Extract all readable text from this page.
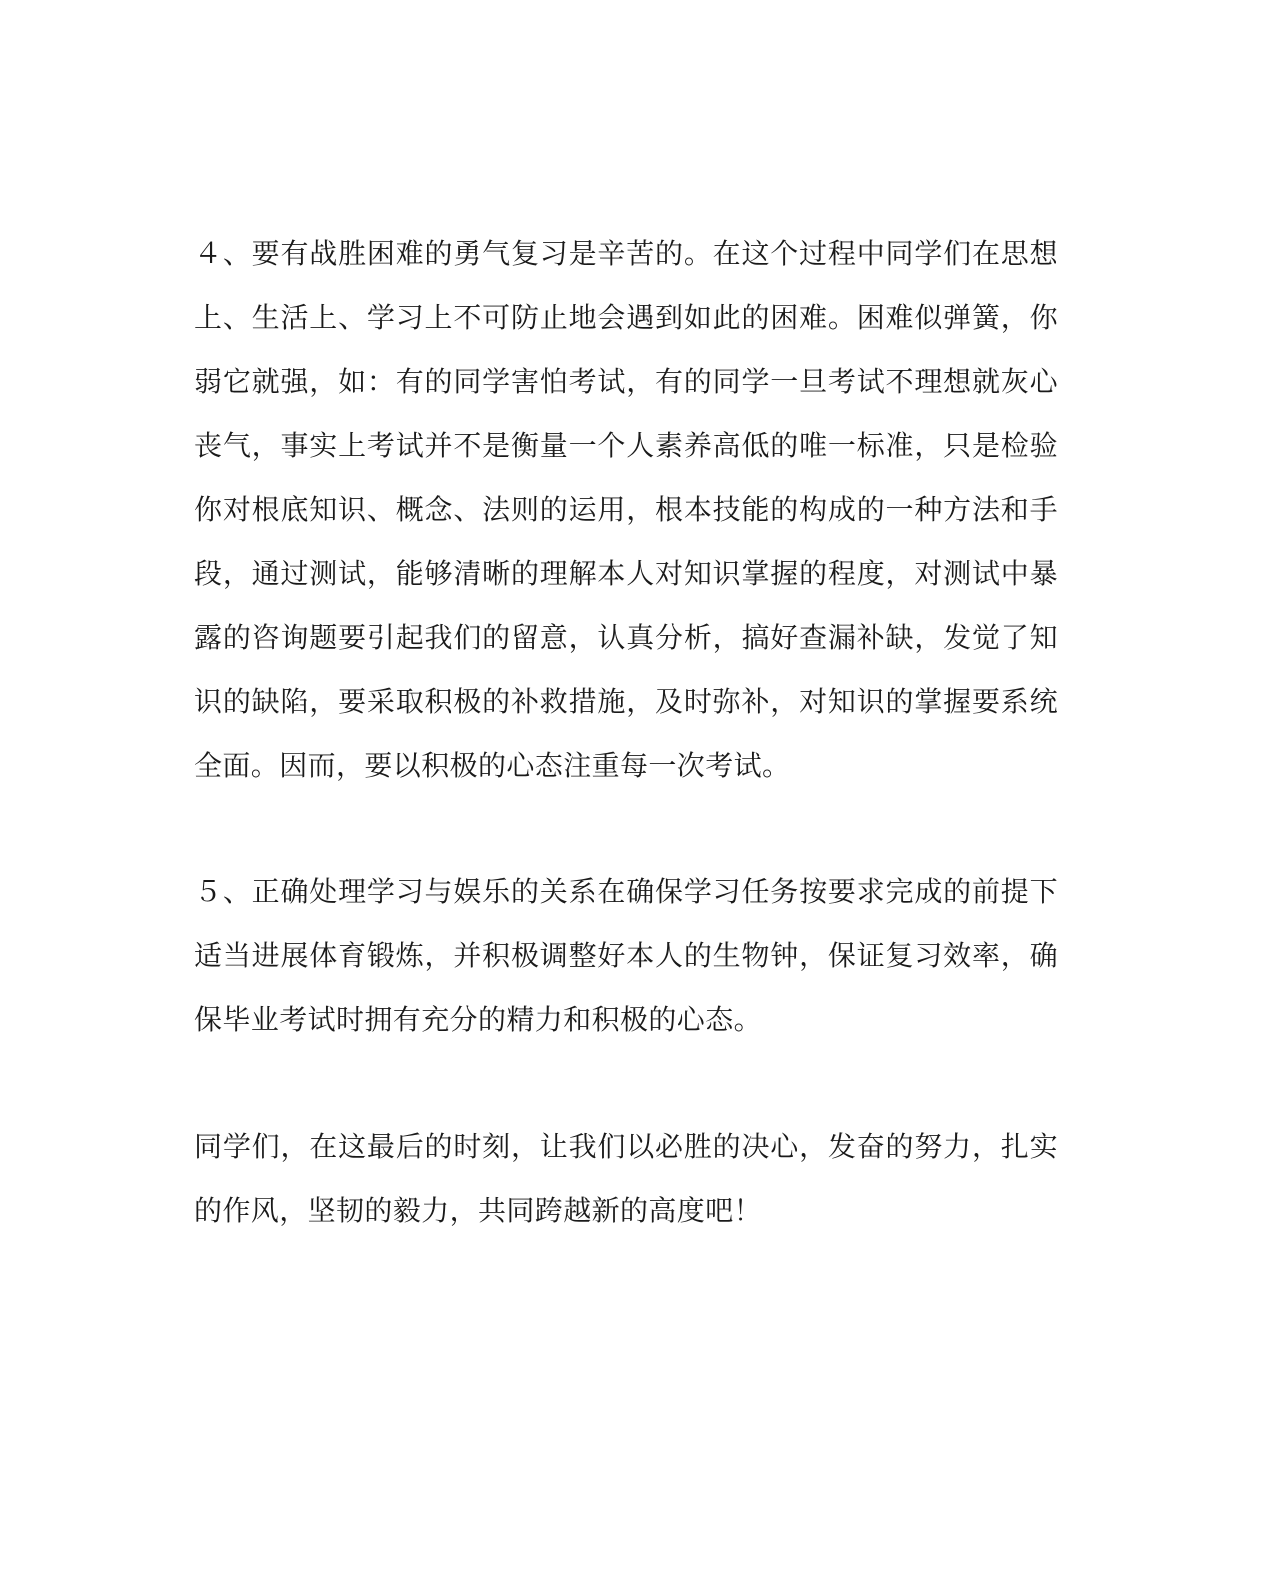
４、要有战胜困难的勇气复习是辛苦的。在这个过程中同学们在思想上、生活上、学习上不可防止地会遇到如此的困难。困难似弹簧，你弱它就强，如：有的同学害怕考试，有的同学一旦考试不理想就灰心丧气，事实上考试并不是衡量一个人素养高低的唯一标准，只是检验你对根底知识、概念、法则的运用，根本技能的构成的一种方法和手段，通过测试，能够清晰的理解本人对知识掌握的程度，对测试中暴露的咨询题要引起我们的留意，认真分析，搞好查漏补缺，发觉了知识的缺陷，要采取积极的补救措施，及时弥补，对知识的掌握要系统全面。因而，要以积极的心态注重每一次考试。

５、正确处理学习与娱乐的关系在确保学习任务按要求完成的前提下适当进展体育锻炼，并积极调整好本人的生物钟，保证复习效率，确保毕业考试时拥有充分的精力和积极的心态。

同学们，在这最后的时刻，让我们以必胜的决心，发奋的努力，扎实的作风，坚韧的毅力，共同跨越新的高度吧！
